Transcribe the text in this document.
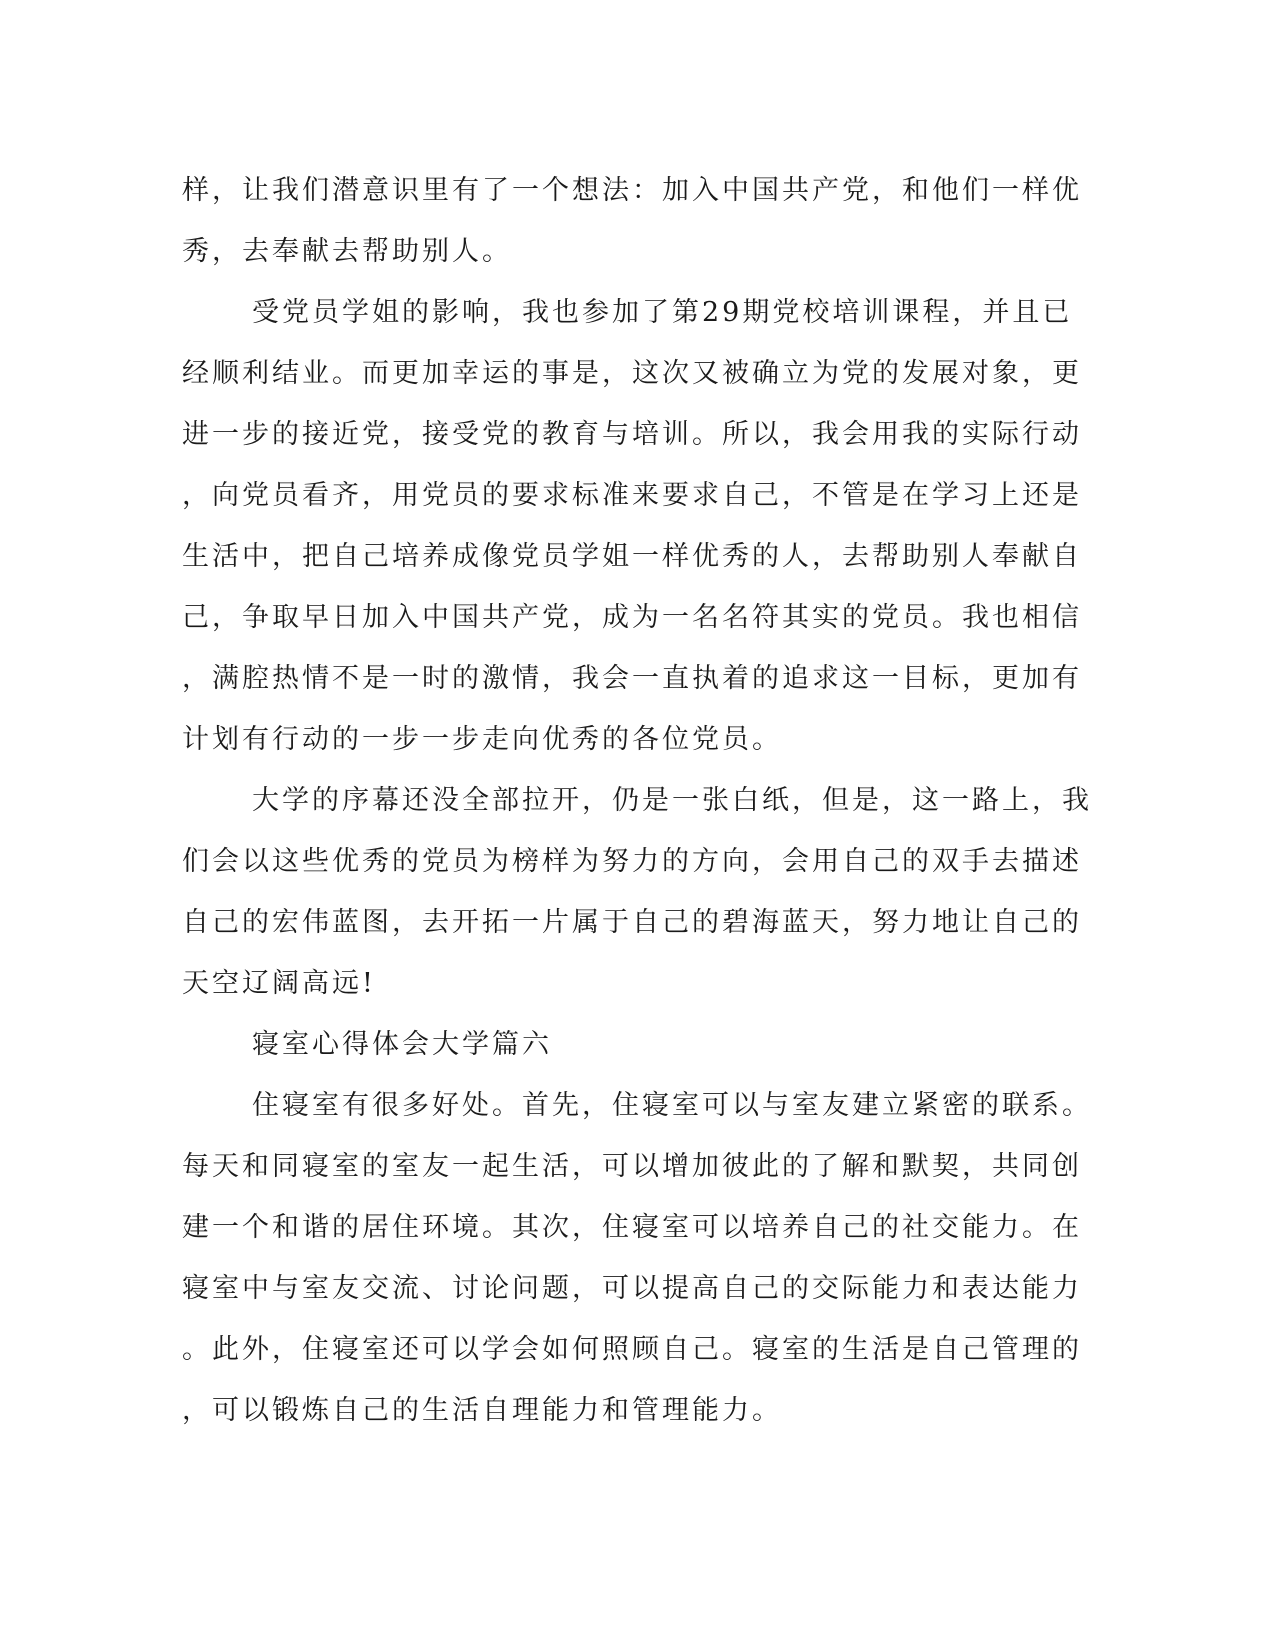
样，让我们潜意识里有了一个想法：加入中国共产党，和他们一样优
秀，去奉献去帮助别人。
受党员学姐的影响，我也参加了第29期党校培训课程，并且已
经顺利结业。而更加幸运的事是，这次又被确立为党的发展对象，更
进一步的接近党，接受党的教育与培训。所以，我会用我的实际行动
，向党员看齐，用党员的要求标准来要求自己，不管是在学习上还是
生活中，把自己培养成像党员学姐一样优秀的人，去帮助别人奉献自
己，争取早日加入中国共产党，成为一名名符其实的党员。我也相信
，满腔热情不是一时的激情，我会一直执着的追求这一目标，更加有
计划有行动的一步一步走向优秀的各位党员。
大学的序幕还没全部拉开，仍是一张白纸，但是，这一路上，我
们会以这些优秀的党员为榜样为努力的方向，会用自己的双手去描述
自己的宏伟蓝图，去开拓一片属于自己的碧海蓝天，努力地让自己的
天空辽阔高远!
寝室心得体会大学篇六
住寝室有很多好处。首先，住寝室可以与室友建立紧密的联系。
每天和同寝室的室友一起生活，可以增加彼此的了解和默契，共同创
建一个和谐的居住环境。其次，住寝室可以培养自己的社交能力。在
寝室中与室友交流、讨论问题，可以提高自己的交际能力和表达能力
。此外，住寝室还可以学会如何照顾自己。寝室的生活是自己管理的
，可以锻炼自己的生活自理能力和管理能力。
